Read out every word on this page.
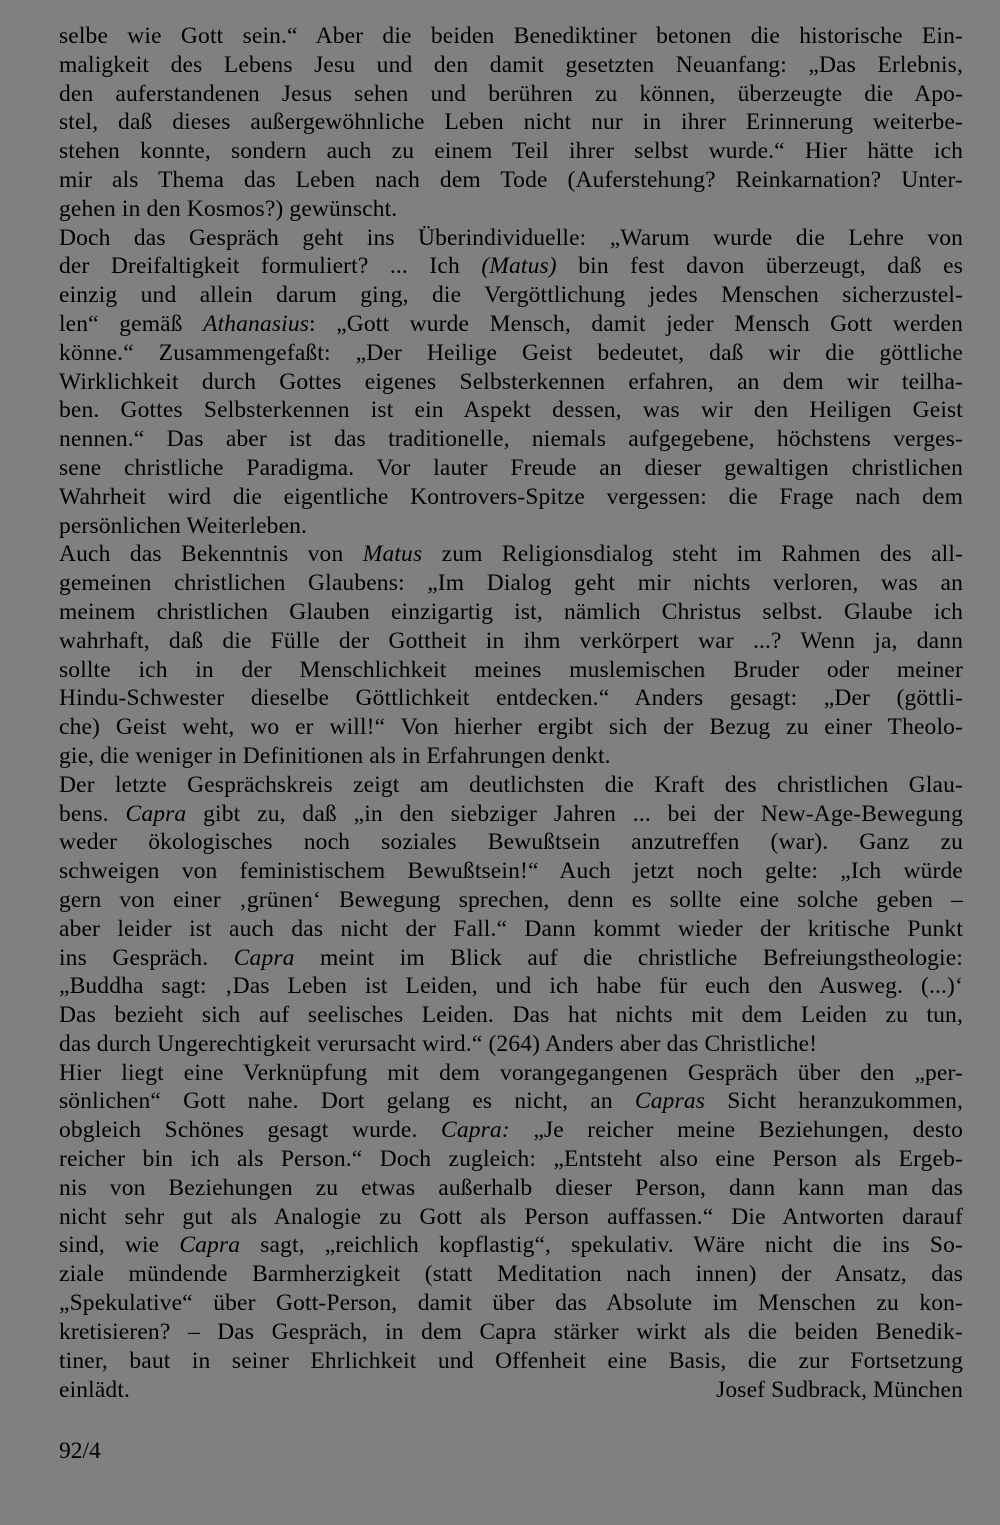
selbe wie Gott sein.“ Aber die beiden Benediktiner betonen die historische Ein-
maligkeit des Lebens Jesu und den damit gesetzten Neuanfang: „Das Erlebnis,
den auferstandenen Jesus sehen und berühren zu können, überzeugte die Apo-
stel, daß dieses außergewöhnliche Leben nicht nur in ihrer Erinnerung weiterbe-
stehen konnte, sondern auch zu einem Teil ihrer selbst wurde.“ Hier hätte ich
mir als Thema das Leben nach dem Tode (Auferstehung? Reinkarnation? Unter-
gehen in den Kosmos?) gewünscht.
Doch das Gespräch geht ins Überindividuelle: „Warum wurde die Lehre von
der Dreifaltigkeit formuliert? ... Ich (Matus) bin fest davon überzeugt, daß es
einzig und allein darum ging, die Vergöttlichung jedes Menschen sicherzustel-
len“ gemäß Athanasius: „Gott wurde Mensch, damit jeder Mensch Gott werden
könne.“ Zusammengefaßt: „Der Heilige Geist bedeutet, daß wir die göttliche
Wirklichkeit durch Gottes eigenes Selbsterkennen erfahren, an dem wir teilha-
ben. Gottes Selbsterkennen ist ein Aspekt dessen, was wir den Heiligen Geist
nennen.“ Das aber ist das traditionelle, niemals aufgegebene, höchstens verges-
sene christliche Paradigma. Vor lauter Freude an dieser gewaltigen christlichen
Wahrheit wird die eigentliche Kontrovers-Spitze vergessen: die Frage nach dem
persönlichen Weiterleben.
Auch das Bekenntnis von Matus zum Religionsdialog steht im Rahmen des all-
gemeinen christlichen Glaubens: „Im Dialog geht mir nichts verloren, was an
meinem christlichen Glauben einzigartig ist, nämlich Christus selbst. Glaube ich
wahrhaft, daß die Fülle der Gottheit in ihm verkörpert war ...? Wenn ja, dann
sollte ich in der Menschlichkeit meines muslemischen Bruder oder meiner
Hindu-Schwester dieselbe Göttlichkeit entdecken.“ Anders gesagt: „Der (göttli-
che) Geist weht, wo er will!“ Von hierher ergibt sich der Bezug zu einer Theolo-
gie, die weniger in Definitionen als in Erfahrungen denkt.
Der letzte Gesprächskreis zeigt am deutlichsten die Kraft des christlichen Glau-
bens. Capra gibt zu, daß „in den siebziger Jahren ... bei der New-Age-Bewegung
weder ökologisches noch soziales Bewußtsein anzutreffen (war). Ganz zu
schweigen von feministischem Bewußtsein!“ Auch jetzt noch gelte: „Ich würde
gern von einer ‚grünen‘ Bewegung sprechen, denn es sollte eine solche geben –
aber leider ist auch das nicht der Fall.“ Dann kommt wieder der kritische Punkt
ins Gespräch. Capra meint im Blick auf die christliche Befreiungstheologie:
„Buddha sagt: ‚Das Leben ist Leiden, und ich habe für euch den Ausweg. (...)‘
Das bezieht sich auf seelisches Leiden. Das hat nichts mit dem Leiden zu tun,
das durch Ungerechtigkeit verursacht wird.“ (264) Anders aber das Christliche!
Hier liegt eine Verknüpfung mit dem vorangegangenen Gespräch über den „per-
sönlichen“ Gott nahe. Dort gelang es nicht, an Capras Sicht heranzukommen,
obgleich Schönes gesagt wurde. Capra: „Je reicher meine Beziehungen, desto
reicher bin ich als Person.“ Doch zugleich: „Entsteht also eine Person als Ergeb-
nis von Beziehungen zu etwas außerhalb dieser Person, dann kann man das
nicht sehr gut als Analogie zu Gott als Person auffassen.“ Die Antworten darauf
sind, wie Capra sagt, „reichlich kopflastig“, spekulativ. Wäre nicht die ins So-
ziale mündende Barmherzigkeit (statt Meditation nach innen) der Ansatz, das
„Spekulative“ über Gott-Person, damit über das Absolute im Menschen zu kon-
kretisieren? – Das Gespräch, in dem Capra stärker wirkt als die beiden Benedik-
tiner, baut in seiner Ehrlichkeit und Offenheit eine Basis, die zur Fortsetzung
einlädt.	Josef Sudbrack, München
92/4
